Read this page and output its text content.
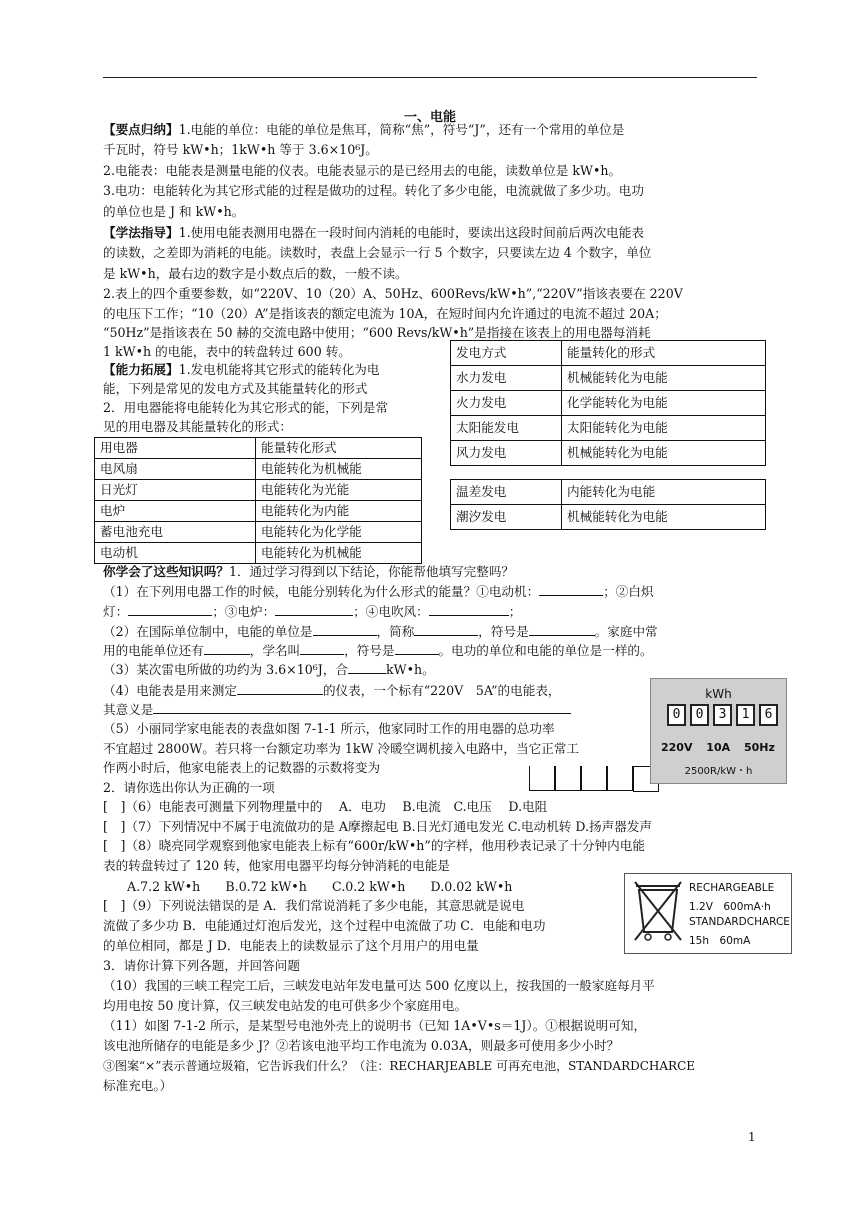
一、电能
【要点归纳】1.电能的单位：电能的单位是焦耳，简称“焦”，符号“J”，还有一个常用的单位是
千瓦时，符号 kW•h；1kW•h 等于 3.6×10⁶J。
2.电能表：电能表是测量电能的仪表。电能表显示的是已经用去的电能，读数单位是 kW•h。
3.电功：电能转化为其它形式能的过程是做功的过程。转化了多少电能，电流就做了多少功。电功
的单位也是 J 和 kW•h。
【学法指导】1.使用电能表测用电器在一段时间内消耗的电能时，要读出这段时间前后两次电能表
的读数，之差即为消耗的电能。读数时，表盘上会显示一行 5 个数字，只要读左边 4 个数字，单位
是 kW•h，最右边的数字是小数点后的数，一般不读。
2.表上的四个重要参数，如“220V、10（20）A、50Hz、600Revs/kW•h”,“220V”指该表要在 220V
的电压下工作；“10（20）A”是指该表的额定电流为 10A，在短时间内允许通过的电流不超过 20A；
“50Hz”是指该表在 50 赫的交流电路中使用；“600 Revs/kW•h”是指接在该表上的用电器每消耗
1 kW•h 的电能，表中的转盘转过 600 转。
【能力拓展】1.发电机能将其它形式的能转化为电
能，下列是常见的发电方式及其能量转化的形式
2．用电器能将电能转化为其它形式的能，下列是常
见的用电器及其能量转化的形式：
用电器	能量转化形式
电风扇	电能转化为机械能
日光灯	电能转化为光能
电炉	电能转化为内能
蓄电池充电	电能转化为化学能
电动机	电能转化为机械能
发电方式	能量转化的形式
水力发电	机械能转化为电能
火力发电	化学能转化为电能
太阳能发电	太阳能转化为电能
风力发电	机械能转化为电能
温差发电	内能转化为电能
潮汐发电	机械能转化为电能
你学会了这些知识吗？1．通过学习得到以下结论，你能帮他填写完整吗？
（1）在下列用电器工作的时候，电能分别转化为什么形式的能量？①电动机：	；②白炽
灯：	；③电炉：	；④电吹风：	；
（2）在国际单位制中，电能的单位是	，简称	，符号是	。家庭中常
用的电能单位还有	，学名叫	，符号是	。电功的单位和电能的单位是一样的。
（3）某次雷电所做的功约为 3.6×10⁶J，合	kW•h。
（4）电能表是用来测定	的仪表，一个标有“220V　5A”的电能表，
其意义是
（5）小丽同学家电能表的表盘如图 7-1-1 所示，他家同时工作的用电器的总功率
不宜超过 2800W。若只将一台额定功率为 1kW 冷暖空调机接入电路中，当它正常工
作两小时后，他家电能表上的记数器的示数将变为
kWh
0	0	3	1	6
220V 10A 50Hz
2500R/kW・h
2．请你选出你认为正确的一项
[　]（6）电能表可测量下列物理量中的　 A．电功　 B.电流　C.电压　 D.电阻
[　]（7）下列情况中不属于电流做功的是 A摩擦起电 B.日光灯通电发光 C.电动机转 D.扬声器发声
[　]（8）晓亮同学观察到他家电能表上标有“600r/kW•h”的字样，他用秒表记录了十分钟内电能
表的转盘转过了 120 转，他家用电器平均每分钟消耗的电能是
A.7.2 kW•h　　B.0.72 kW•h　　C.0.2 kW•h　　D.0.02 kW•h
[　]（9）下列说法错误的是 A．我们常说消耗了多少电能，其意思就是说电
流做了多少功 B．电能通过灯泡后发光，这个过程中电流做了功 C．电能和电功
的单位相同，都是 J D．电能表上的读数显示了这个月用户的用电量
RECHARGEABLE
1.2V　600mA·h
STANDARDCHARCE
15h　60mA
3．请你计算下列各题，并回答问题
（10）我国的三峡工程完工后，三峡发电站年发电量可达 500 亿度以上，按我国的一般家庭每月平
均用电按 50 度计算，仅三峡发电站发的电可供多少个家庭用电。
（11）如图 7-1-2 所示，是某型号电池外壳上的说明书（已知 1A•V•s＝1J）。①根据说明可知，
该电池所储存的电能是多少 J？②若该电池平均工作电流为 0.03A，则最多可使用多少小时？
③图案“×”表示普通垃圾箱，它告诉我们什么？（注：RECHARJEABLE 可再充电池，STANDARDCHARCE
标准充电。）
1
